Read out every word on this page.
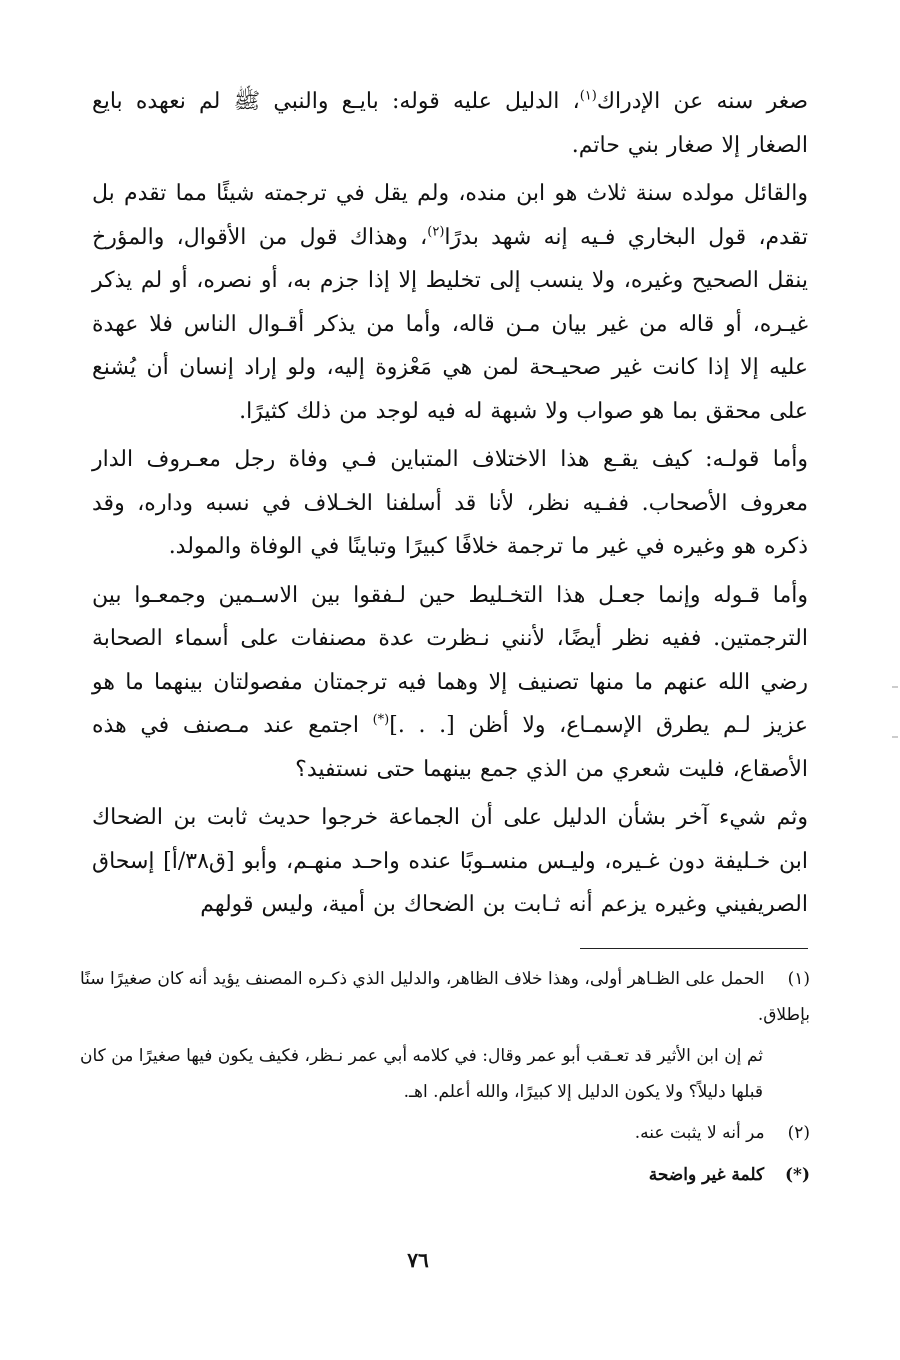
صغر سنه عن الإدراك$^{(١)}$، الدليل عليه قوله: بايـع والنبي ﷺ لم نعهده بايع الصغار إلا صغار بني حاتم.

والقائل مولده سنة ثلاث هو ابن منده، ولم يقل في ترجمته شيئًا مما تقدم بل تقدم، قول البخاري فـيه إنه شهد بدرًا$^{(٢)}$، وهذاك قول من الأقوال، والمؤرخ ينقل الصحيح وغيره، ولا ينسب إلى تخليط إلا إذا جزم به، أو نصره، أو لم يذكر غيـره، أو قاله من غير بيان مـن قاله، وأما من يذكر أقـوال الناس فلا عهدة عليه إلا إذا كانت غير صحيـحة لمن هي مَعْزوة إليه، ولو إراد إنسان أن يُشنع على محقق بما هو صواب ولا شبهة له فيه لوجد من ذلك كثيرًا.

وأما قولـه: كيف يقـع هذا الاختلاف المتباين فـي وفاة رجل معـروف الدار معروف الأصحاب. ففـيه نظر، لأنا قد أسلفنا الخـلاف في نسبه وداره، وقد ذكره هو وغيره في غير ما ترجمة خلافًا كبيرًا وتباينًا في الوفاة والمولد.

وأما قـوله وإنما جعـل هذا التخـليط حين لـفقوا بين الاسـمين وجمعـوا بين الترجمتين. ففيه نظر أيضًا، لأنني نـظرت عدة مصنفات على أسماء الصحابة رضي الله عنهم ما منها تصنيف إلا وهما فيه ترجمتان مفصولتان بينهما ما هو عزيز لـم يطرق الإسمـاع، ولا أظن [. . .](*) اجتمع عند مـصنف في هذه الأصقاع، فليت شعري من الذي جمع بينهما حتى نستفيد؟

وثم شيء آخر بشأن الدليل على أن الجماعة خرجوا حديث ثابت بن الضحاك ابن خـليفة دون غـيره، وليـس منسـوبًا عنده واحـد منهـم، وأبو [ق٣٨/أ] إسحاق الصريفيني وغيره يزعم أنه ثـابت بن الضحاك بن أمية، وليس قولهم

(١) الحمل على الظـاهر أولى، وهذا خلاف الظاهر، والدليل الذي ذكـره المصنف يؤيد أنه كان صغيرًا سنًا بإطلاق.

ثم إن ابن الأثير قد تعـقب أبو عمر وقال: في كلامه أبي عمر نـظر، فكيف يكون فيها صغيرًا من كان قبلها دليلاً؟ ولا يكون الدليل إلا كبيرًا، والله أعلم. اهـ.

(٢) مر أنه لا يثبت عنه.

(*) كلمة غير واضحة

٧٦
